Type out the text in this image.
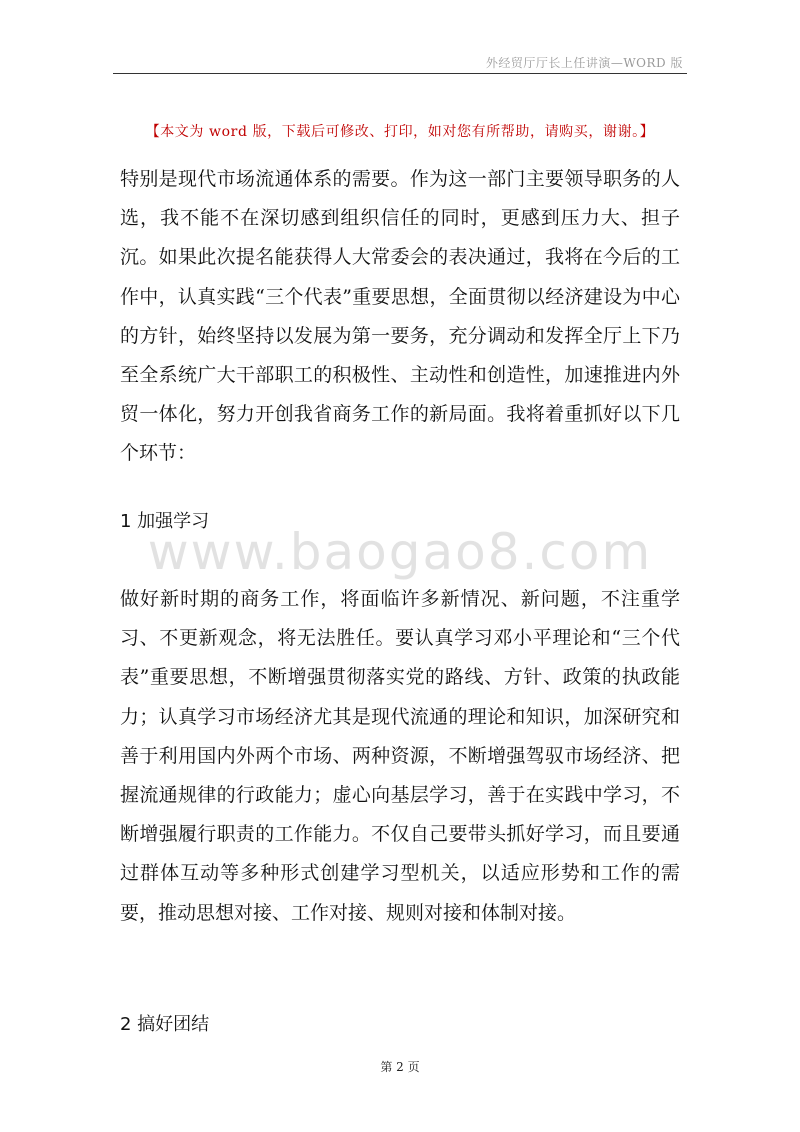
外经贸厅厅长上任讲演—WORD 版
【本文为 word 版，下载后可修改、打印，如对您有所帮助，请购买，谢谢。】
特别是现代市场流通体系的需要。作为这一部门主要领导职务的人选，我不能不在深切感到组织信任的同时，更感到压力大、担子沉。如果此次提名能获得人大常委会的表决通过，我将在今后的工作中，认真实践“三个代表”重要思想，全面贯彻以经济建设为中心的方针，始终坚持以发展为第一要务，充分调动和发挥全厅上下乃至全系统广大干部职工的积极性、主动性和创造性，加速推进内外贸一体化，努力开创我省商务工作的新局面。我将着重抓好以下几个环节：
1 加强学习
www.baogao8.com
做好新时期的商务工作，将面临许多新情况、新问题，不注重学习、不更新观念，将无法胜任。要认真学习邓小平理论和“三个代表”重要思想，不断增强贯彻落实党的路线、方针、政策的执政能力；认真学习市场经济尤其是现代流通的理论和知识，加深研究和善于利用国内外两个市场、两种资源，不断增强驾驭市场经济、把握流通规律的行政能力；虚心向基层学习，善于在实践中学习，不断增强履行职责的工作能力。不仅自己要带头抓好学习，而且要通过群体互动等多种形式创建学习型机关，以适应形势和工作的需要，推动思想对接、工作对接、规则对接和体制对接。
2 搞好团结
第 2 页
